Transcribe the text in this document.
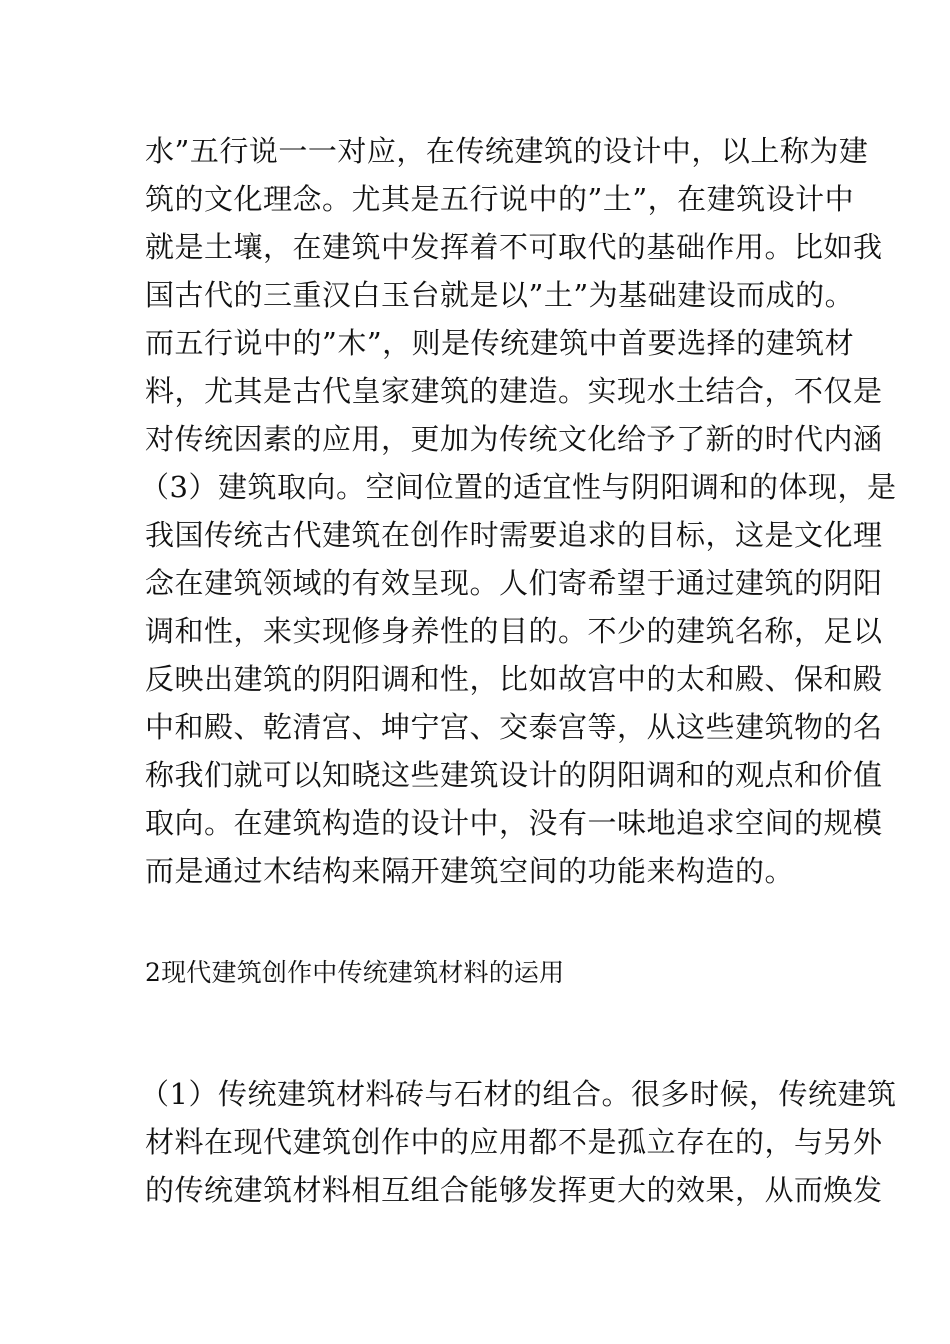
水”五行说一一对应，在传统建筑的设计中，以上称为建
筑的文化理念。尤其是五行说中的”土”，在建筑设计中
就是土壤，在建筑中发挥着不可取代的基础作用。比如我
国古代的三重汉白玉台就是以”土”为基础建设而成的。
而五行说中的”木”，则是传统建筑中首要选择的建筑材
料，尤其是古代皇家建筑的建造。实现水土结合，不仅是
对传统因素的应用，更加为传统文化给予了新的时代内涵
（3）建筑取向。空间位置的适宜性与阴阳调和的体现，是
我国传统古代建筑在创作时需要追求的目标，这是文化理
念在建筑领域的有效呈现。人们寄希望于通过建筑的阴阳
调和性，来实现修身养性的目的。不少的建筑名称，足以
反映出建筑的阴阳调和性，比如故宫中的太和殿、保和殿
中和殿、乾清宫、坤宁宫、交泰宫等，从这些建筑物的名
称我们就可以知晓这些建筑设计的阴阳调和的观点和价值
取向。在建筑构造的设计中，没有一味地追求空间的规模
而是通过木结构来隔开建筑空间的功能来构造的。
2现代建筑创作中传统建筑材料的运用
（1）传统建筑材料砖与石材的组合。很多时候，传统建筑
材料在现代建筑创作中的应用都不是孤立存在的，与另外
的传统建筑材料相互组合能够发挥更大的效果，从而焕发
